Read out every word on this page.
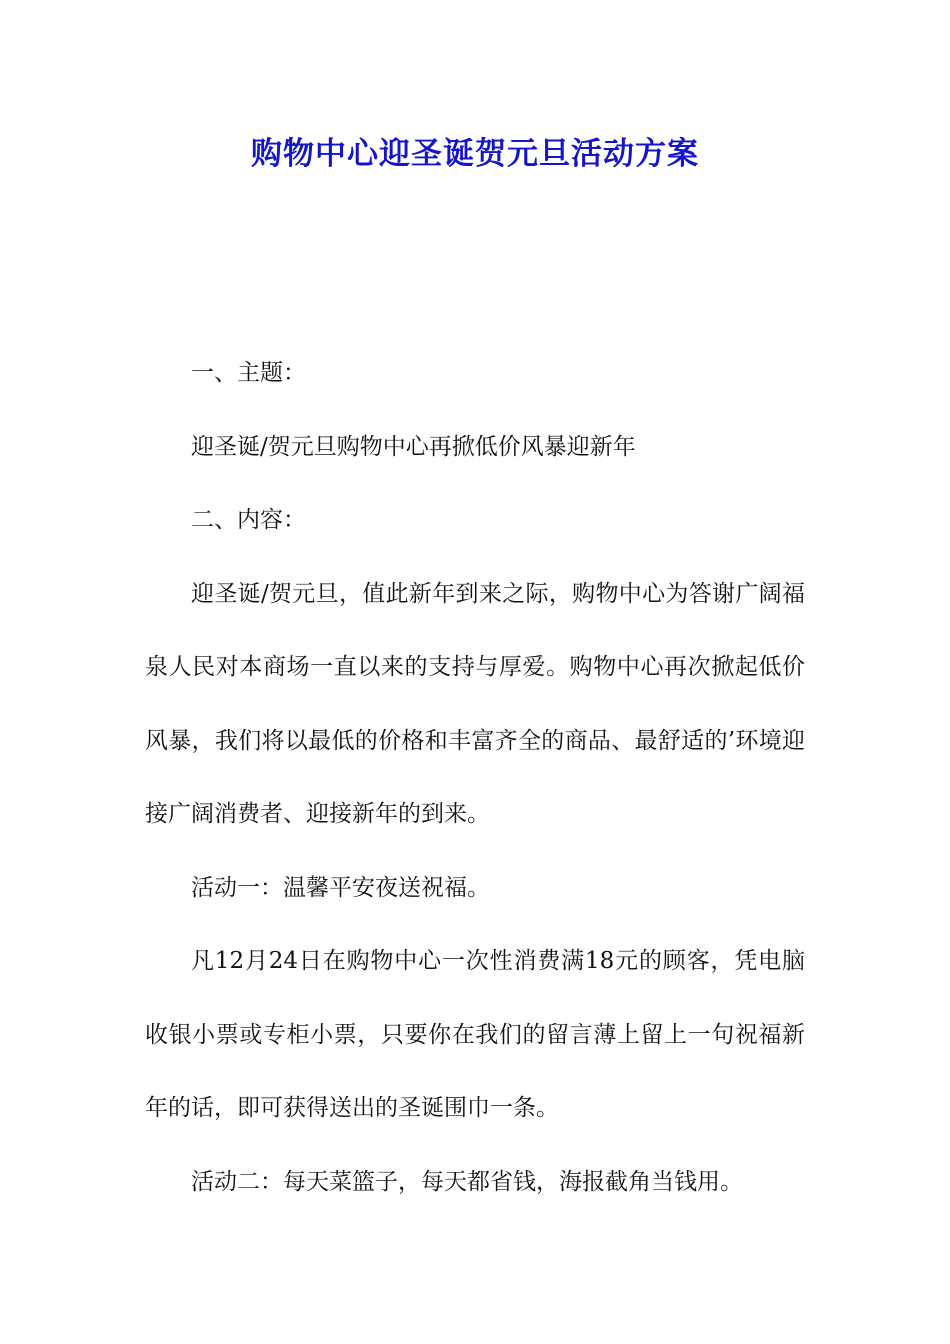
购物中心迎圣诞贺元旦活动方案

一、主题：

迎圣诞/贺元旦购物中心再掀低价风暴迎新年

二、内容：

迎圣诞/贺元旦，值此新年到来之际，购物中心为答谢广阔福泉人民对本商场一直以来的支持与厚爱。购物中心再次掀起低价风暴，我们将以最低的价格和丰富齐全的商品、最舒适的’环境迎接广阔消费者、迎接新年的到来。

活动一：温馨平安夜送祝福。

凡12月24日在购物中心一次性消费满18元的顾客，凭电脑收银小票或专柜小票，只要你在我们的留言薄上留上一句祝福新年的话，即可获得送出的圣诞围巾一条。

活动二：每天菜篮子，每天都省钱，海报截角当钱用。
